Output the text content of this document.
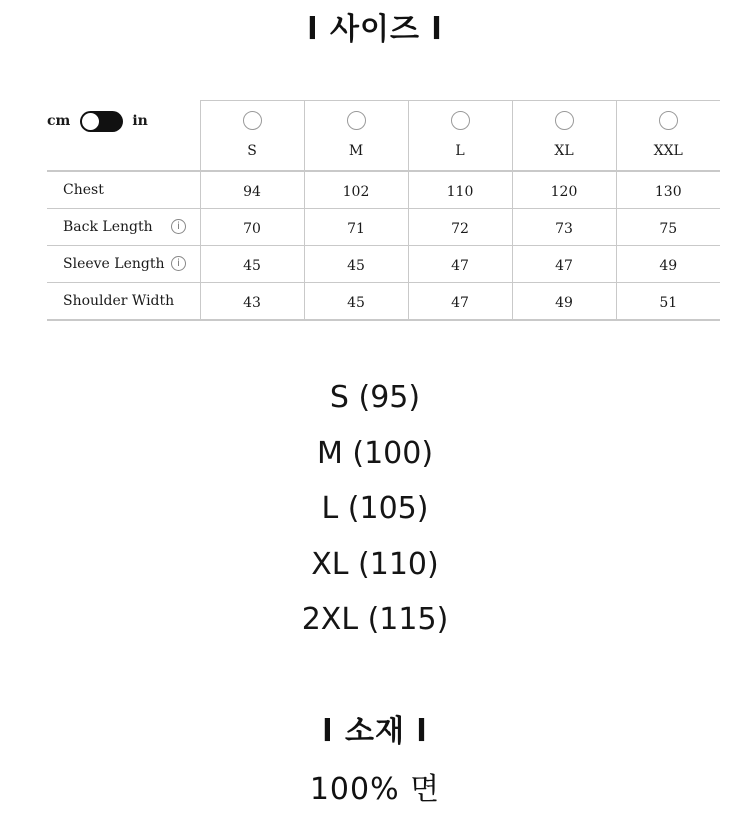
l 사이즈 l
cm in	S	M	L	XL	XXL

Chest	94	102	110	120	130
Back Length i	70	71	72	73	75
Sleeve Length i	45	45	47	47	49
Shoulder Width	43	45	47	49	51
S (95)
M (100)
L (105)
XL (110)
2XL (115)
l 소재 l
100% 면
